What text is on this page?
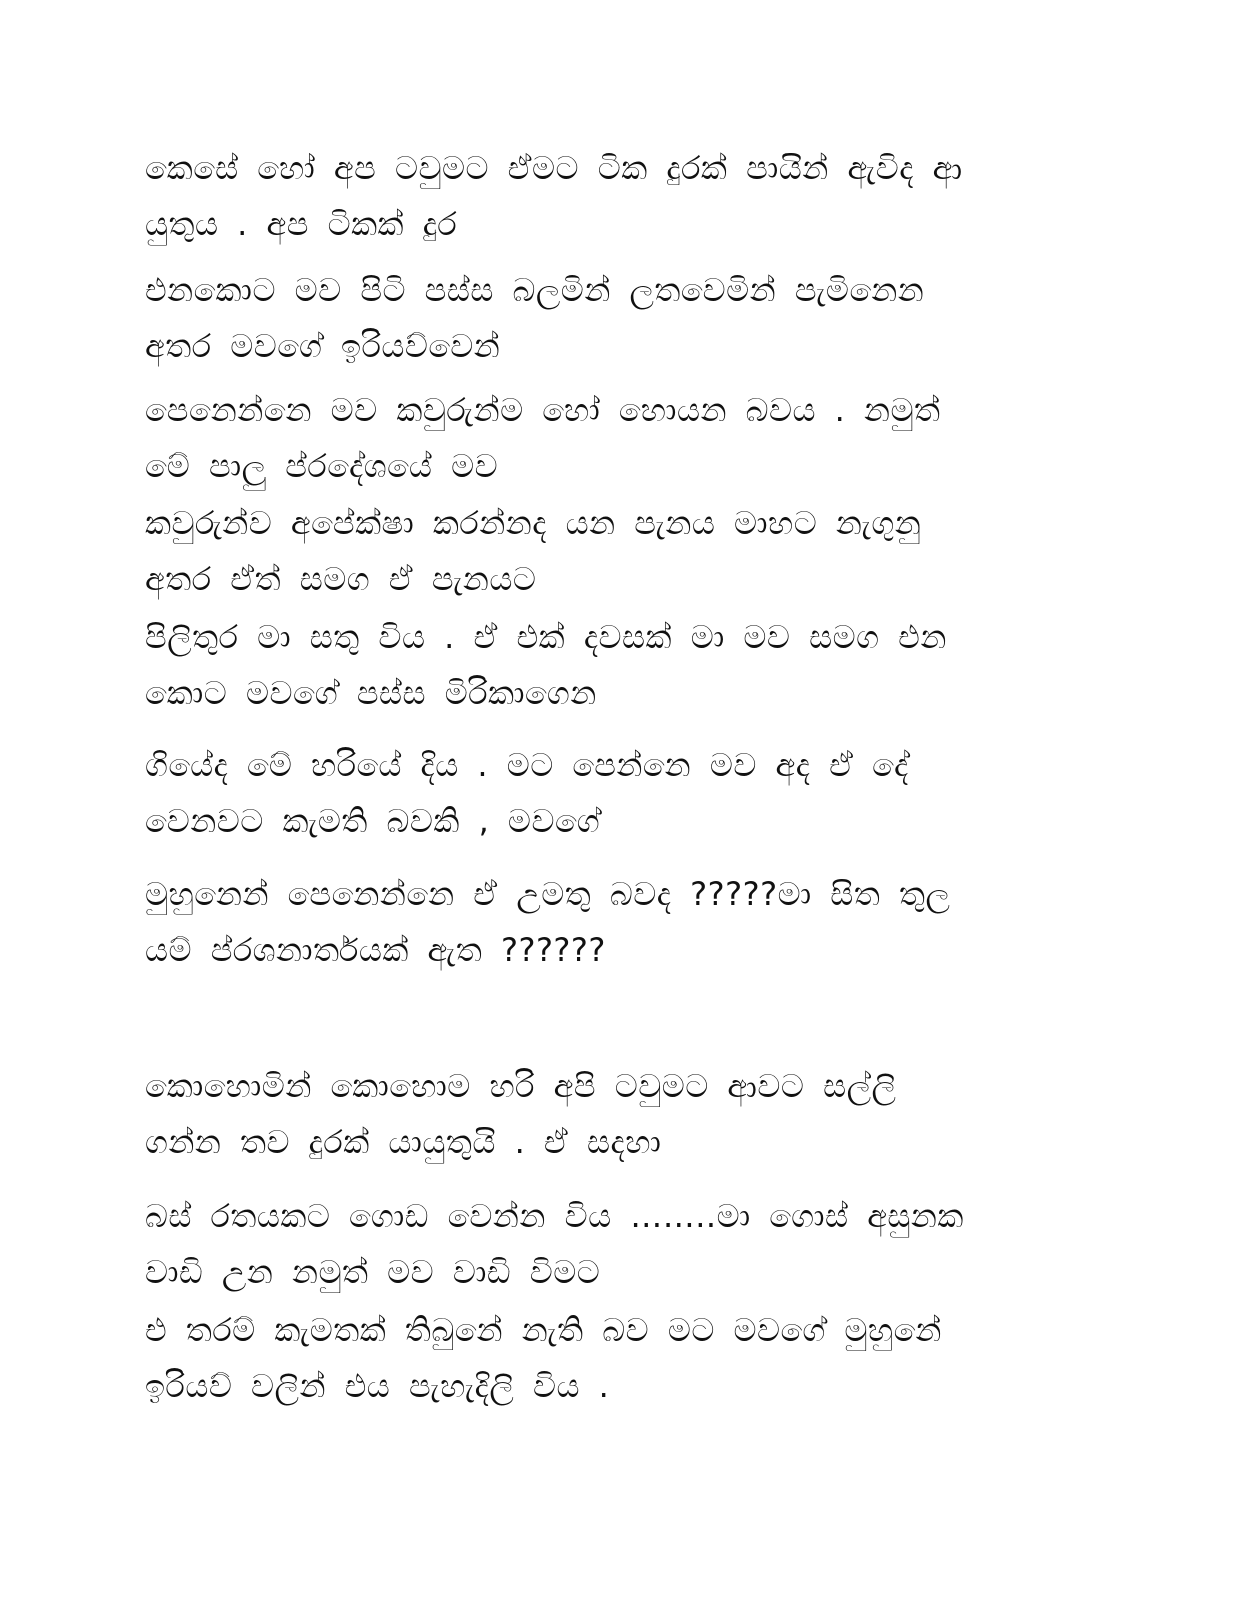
කෙසේ හෝ අප ටවුමට ඒමට ටික දුරක් පායින් ඇවිද ආ
යුතුය . අප ටිකක් දුර
එනකොට මව පිටි පස්ස බලමින් ලතවෙමින් පැමිනෙන
අතර මවගේ ඉරියව්වෙන්
පෙනෙන්නෙ මව කවුරුන්ම හෝ හොයන බවය . නමුත්
මේ පාලු ප්රදේශයේ මව
කවුරුන්ව අපේක්ෂා කරන්නද යන පැනය මාහට නැගුනු
අතර ඒත් සමග ඒ පැනයට
පිලිතුර මා සතු විය . ඒ එක් දවසක් මා මව සමග එන
කොට මවගේ පස්ස මිරිකාගෙන
ගියේද මේ හරියේ දිය . මට පෙන්නෙ මව අද ඒ දේ
වෙනවට කැමති බවකි , මවගේ
මුහුනෙන් පෙනෙන්නෙ ඒ උමතු බවද ?????මා සිත තුල
යම් ප්රශනාර්තයක් ඇත ??????
කොහොමින් කොහොම හරි අපි ටවුමට ආවට සල්ලි
ගන්න තව දුරක් යායුතුයි . ඒ සදහා
බස් රතයකට ගොඩ වෙන්න විය ……..මා ගොස් අසුනක
වාඩි උන නමුත් මව වාඩි විමට
එ තරම් කැමතක් තිබුනේ නැති බව මට මවගේ මුහුනේ
ඉරියව් වලින් එය පැහැදිලි විය .
